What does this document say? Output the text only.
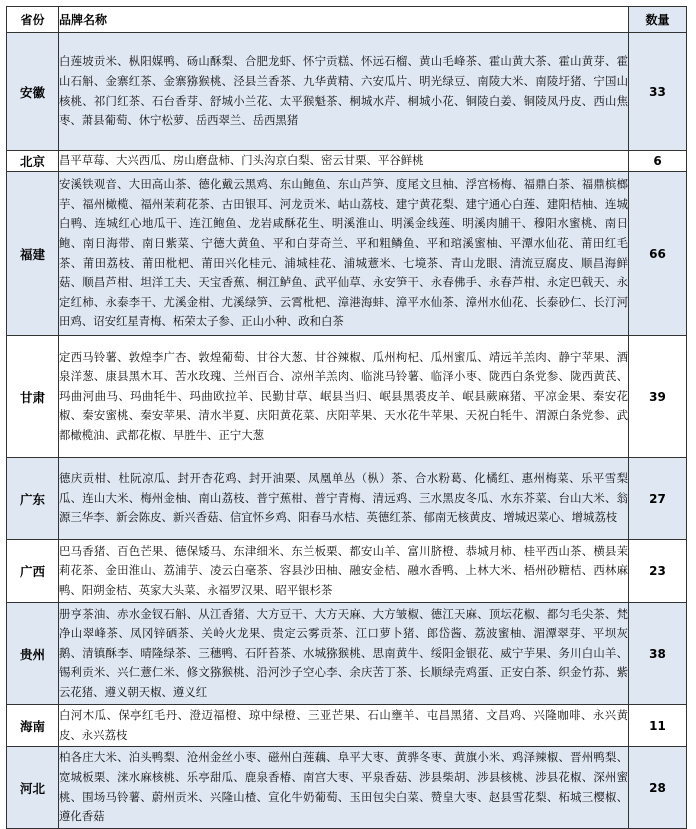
省份	品牌名称	数量
安徽	白莲坡贡米、枞阳媒鸭、砀山酥梨、合肥龙虾、怀宁贡糕、怀远石榴、黄山毛峰茶、霍山黄大茶、霍山黄芽、霍山石斛、金寨红茶、金寨猕猴桃、泾县兰香茶、九华黄精、六安瓜片、明光绿豆、南陵大米、南陵圩猪、宁国山核桃、祁门红茶、石台香芽、舒城小兰花、太平猴魁茶、桐城水芹、桐城小花、铜陵白姜、铜陵凤丹皮、西山焦枣、萧县葡萄、休宁松萝、岳西翠兰、岳西黑猪	33
北京	昌平草莓、大兴西瓜、房山磨盘柿、门头沟京白梨、密云甘栗、平谷鲜桃	6
福建	安溪铁观音、大田高山茶、德化戴云黑鸡、东山鲍鱼、东山芦笋、度尾文旦柚、浮宫杨梅、福鼎白茶、福鼎槟榔芋、福州橄榄、福州茉莉花茶、古田银耳、河龙贡米、岵山荔枝、建宁黄花梨、建宁通心白莲、建阳桔柚、连城白鸭、连城红心地瓜干、连江鲍鱼、龙岩咸酥花生、明溪淮山、明溪金线莲、明溪肉脯干、穆阳水蜜桃、南日鲍、南日海带、南日紫菜、宁德大黄鱼、平和白芽奇兰、平和粗鳞鱼、平和琯溪蜜柚、平潭水仙花、莆田红毛茶、莆田荔枝、莆田枇杷、莆田兴化桂元、浦城桂花、浦城薏米、七境茶、青山龙眼、清流豆腐皮、顺昌海鲜菇、顺昌芦柑、坦洋工夫、天宝香蕉、桐江鲈鱼、武平仙草、永安笋干、永春佛手、永春芦柑、永定巴戟天、永定红柿、永泰李干、尤溪金柑、尤溪绿笋、云霄枇杷、漳港海蚌、漳平水仙茶、漳州水仙花、长泰砂仁、长汀河田鸡、诏安红星青梅、柘荣太子参、正山小种、政和白茶	66
甘肃	定西马铃薯、敦煌李广杏、敦煌葡萄、甘谷大葱、甘谷辣椒、瓜州枸杞、瓜州蜜瓜、靖远羊羔肉、静宁苹果、酒泉洋葱、康县黑木耳、苦水玫瑰、兰州百合、凉州羊羔肉、临洮马铃薯、临泽小枣、陇西白条党参、陇西黄芪、玛曲河曲马、玛曲牦牛、玛曲欧拉羊、民勤甘草、岷县当归、岷县黑裘皮羊、岷县蕨麻猪、平凉金果、秦安花椒、秦安蜜桃、秦安苹果、清水半夏、庆阳黄花菜、庆阳苹果、天水花牛苹果、天祝白牦牛、渭源白条党参、武都橄榄油、武都花椒、早胜牛、正宁大葱	39
广东	德庆贡柑、杜阮凉瓜、封开杏花鸡、封开油栗、凤凰单丛（枞）茶、合水粉葛、化橘红、惠州梅菜、乐平雪梨瓜、连山大米、梅州金柚、南山荔枝、普宁蕉柑、普宁青梅、清远鸡、三水黑皮冬瓜、水东芥菜、台山大米、翁源三华李、新会陈皮、新兴香菇、信宜怀乡鸡、阳春马水桔、英德红茶、郁南无核黄皮、增城迟菜心、增城荔枝	27
广西	巴马香猪、百色芒果、德保矮马、东津细米、东兰板栗、都安山羊、富川脐橙、恭城月柿、桂平西山茶、横县茉莉花茶、金田淮山、荔浦芋、凌云白毫茶、容县沙田柚、融安金桔、融水香鸭、上林大米、梧州砂糖桔、西林麻鸭、阳朔金桔、英家大头菜、永福罗汉果、昭平银杉茶	23
贵州	册亨茶油、赤水金钗石斛、从江香猪、大方豆干、大方天麻、大方皱椒、德江天麻、顶坛花椒、都匀毛尖茶、梵净山翠峰茶、凤冈锌硒茶、关岭火龙果、贵定云雾贡茶、江口萝卜猪、郎岱酱、荔波蜜柚、湄潭翠芽、平坝灰鹅、清镇酥李、晴隆绿茶、三穗鸭、石阡苔茶、水城猕猴桃、思南黄牛、绥阳金银花、威宁芋果、务川白山羊、锡利贡米、兴仁薏仁米、修文猕猴桃、沿河沙子空心李、余庆苦丁茶、长顺绿壳鸡蛋、正安白茶、织金竹荪、紫云花猪、遵义朝天椒、遵义红	38
海南	白河木瓜、保亭红毛丹、澄迈福橙、琼中绿橙、三亚芒果、石山壅羊、屯昌黑猪、文昌鸡、兴隆咖啡、永兴黄皮、永兴荔枝	11
河北	柏各庄大米、泊头鸭梨、沧州金丝小枣、磁州白莲藕、阜平大枣、黄骅冬枣、黄旗小米、鸡泽辣椒、晋州鸭梨、宽城板栗、涞水麻核桃、乐亭甜瓜、鹿泉香椿、南宫大枣、平泉香菇、涉县柴胡、涉县核桃、涉县花椒、深州蜜桃、围场马铃薯、蔚州贡米、兴隆山楂、宣化牛奶葡萄、玉田包尖白菜、赞皇大枣、赵县雪花梨、柘城三樱椒、遵化香菇	28
